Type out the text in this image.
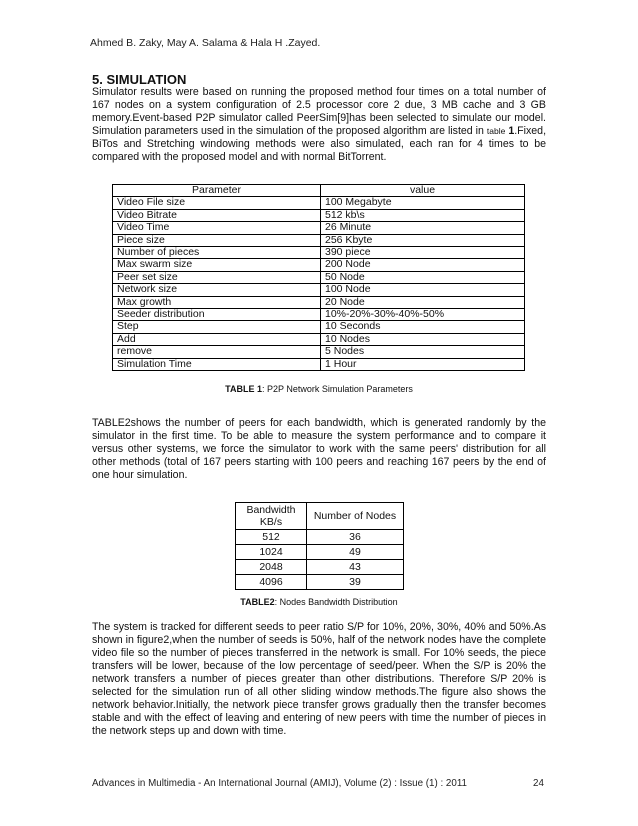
Ahmed B. Zaky, May A. Salama & Hala H .Zayed.
5. SIMULATION

Simulator results were based on running the proposed method four times on a total number of 167 nodes on a system configuration of 2.5 processor core 2 due, 3 MB cache and 3 GB memory.Event-based P2P simulator called PeerSim[9]has been selected to simulate our model. Simulation parameters used in the simulation of the proposed algorithm are listed in table 1.Fixed, BiTos and Stretching windowing methods were also simulated, each ran for 4 times to be compared with the proposed model and with normal BitTorrent.

Parameter	value
Video File size	100 Megabyte
Video Bitrate	512 kb\s
Video Time	26 Minute
Piece size	256 Kbyte
Number of pieces	390 piece
Max swarm size	200 Node
Peer set size	50 Node
Network size	100 Node
Max growth	20 Node
Seeder distribution	10%-20%-30%-40%-50%
Step	10 Seconds
Add	10 Nodes
remove	5 Nodes
Simulation Time	1 Hour

TABLE 1: P2P Network Simulation Parameters

TABLE2shows the number of peers for each bandwidth, which is generated randomly by the simulator in the first time. To be able to measure the system performance and to compare it versus other systems, we force the simulator to work with the same peers' distribution for all other methods (total of 167 peers starting with 100 peers and reaching 167 peers by the end of one hour simulation.

Bandwidth KB/s	Number of Nodes
512	36
1024	49
2048	43
4096	39

TABLE2: Nodes Bandwidth Distribution

The system is tracked for different seeds to peer ratio S/P for 10%, 20%, 30%, 40% and 50%.As shown in figure2,when the number of seeds is 50%, half of the network nodes have the complete video file so the number of pieces transferred in the network is small. For 10% seeds, the piece transfers will be lower, because of the low percentage of seed/peer. When the S/P is 20% the network transfers a number of pieces greater than other distributions. Therefore S/P 20% is selected for the simulation run of all other sliding window methods.The figure also shows the network behavior.Initially, the network piece transfer grows gradually then the transfer becomes stable and with the effect of leaving and entering of new peers with time the number of pieces in the network steps up and down with time.

Advances in Multimedia - An International Journal (AMIJ), Volume (2) : Issue (1) : 2011	24
